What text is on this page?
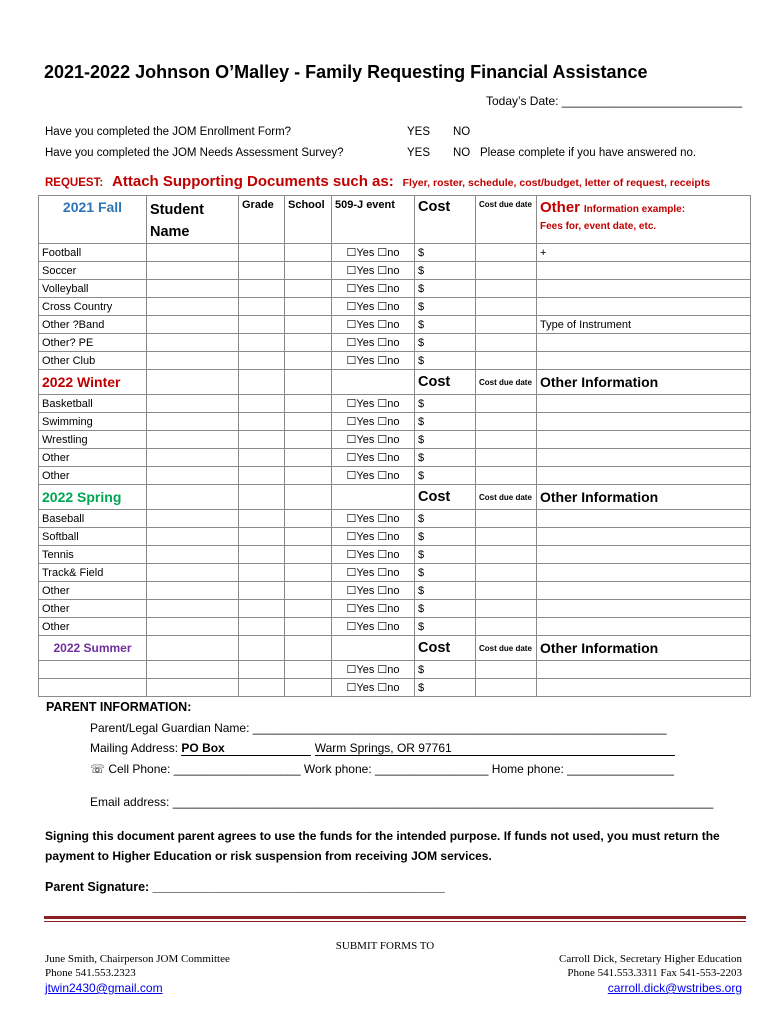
2021-2022 Johnson O’Malley - Family Requesting Financial Assistance
Today’s Date: ___________________________
Have you completed the JOM Enrollment Form?	YES NO
Have you completed the JOM Needs Assessment Survey?	YES NO Please complete if you have answered no.
REQUEST: Attach Supporting Documents such as: Flyer, roster, schedule, cost/budget, letter of request, receipts
2021 Fall	Student Name	Grade	School	509-J event	Cost	Cost due date	Other Information example:
Fees for, event date, etc.

Football				☐Yes ☐no	$		+
Soccer				☐Yes ☐no	$		
Volleyball				☐Yes ☐no	$		
Cross Country				☐Yes ☐no	$		
Other ?Band				☐Yes ☐no	$		Type of Instrument
Other? PE				☐Yes ☐no	$		
Other Club				☐Yes ☐no	$		
2022 Winter					Cost	Cost due date	Other Information
Basketball				☐Yes ☐no	$		
Swimming				☐Yes ☐no	$		
Wrestling				☐Yes ☐no	$		
Other				☐Yes ☐no	$		
Other				☐Yes ☐no	$		
2022 Spring					Cost	Cost due date	Other Information
Baseball				☐Yes ☐no	$		
Softball				☐Yes ☐no	$		
Tennis				☐Yes ☐no	$		
Track& Field				☐Yes ☐no	$		
Other				☐Yes ☐no	$		
Other				☐Yes ☐no	$		
Other				☐Yes ☐no	$		
2022 Summer					Cost	Cost due date	Other Information
				☐Yes ☐no	$		
				☐Yes ☐no	$		
PARENT INFORMATION:
Parent/Legal Guardian Name: ______________________________________________________________
Mailing Address: PO Box	Warm Springs, OR 97761
☏ Cell Phone: ___________________ Work phone: _________________ Home phone: ________________
Email address: _________________________________________________________________________________
Signing this document parent agrees to use the funds for the intended purpose. If funds not used, you must return the payment to Higher Education or risk suspension from receiving JOM services.
Parent Signature: __________________________________________
SUBMIT FORMS TO
June Smith, Chairperson JOM Committee
Phone 541.553.2323
jtwin2430@gmail.com
Carroll Dick, Secretary Higher Education
Phone 541.553.3311 Fax 541-553-2203
carroll.dick@wstribes.org
